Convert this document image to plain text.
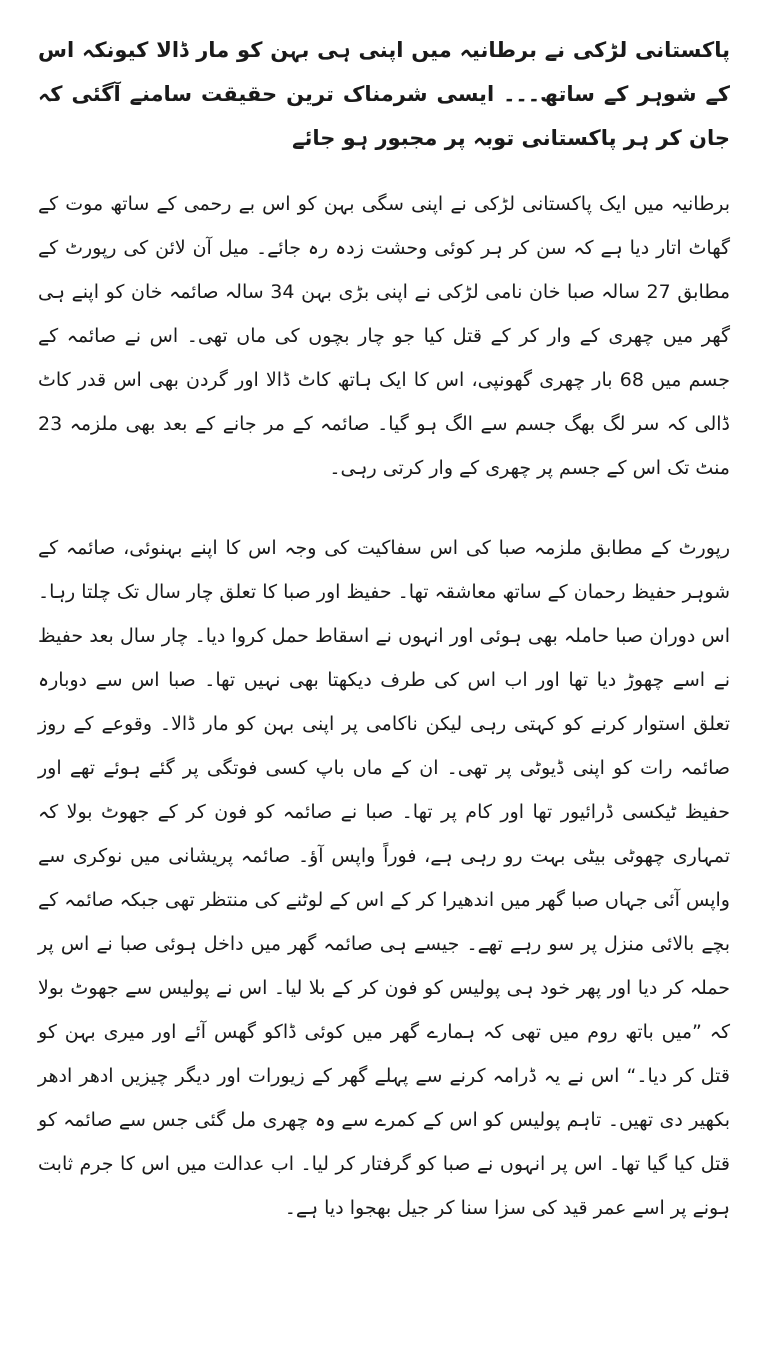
پاکستانی لڑکی نے برطانیہ میں اپنی ہی بہن کو مار ڈالا کیونکہ اس کے شوہر کے ساتھ۔۔۔ ایسی شرمناک ترین حقیقت سامنے آگئی کہ جان کر ہر پاکستانی توبہ پر مجبور ہو جائے
برطانیہ میں ایک پاکستانی لڑکی نے اپنی سگی بہن کو اس بے رحمی کے ساتھ موت کے گھاٹ اتار دیا ہے کہ سن کر ہر کوئی وحشت زدہ رہ جائے۔ میل آن لائن کی رپورٹ کے مطابق 27 سالہ صبا خان نامی لڑکی نے اپنی بڑی بہن 34 سالہ صائمہ خان کو اپنے ہی گھر میں چھری کے وار کر کے قتل کیا جو چار بچوں کی ماں تھی۔ اس نے صائمہ کے جسم میں 68 بار چھری گھونپی، اس کا ایک ہاتھ کاٹ ڈالا اور گردن بھی اس قدر کاٹ ڈالی کہ سر لگ بھگ جسم سے الگ ہو گیا۔ صائمہ کے مر جانے کے بعد بھی ملزمہ 23 منٹ تک اس کے جسم پر چھری کے وار کرتی رہی۔
رپورٹ کے مطابق ملزمہ صبا کی اس سفاکیت کی وجہ اس کا اپنے بہنوئی، صائمہ کے شوہر حفیظ رحمان کے ساتھ معاشقہ تھا۔ حفیظ اور صبا کا تعلق چار سال تک چلتا رہا۔ اس دوران صبا حاملہ بھی ہوئی اور انہوں نے اسقاط حمل کروا دیا۔ چار سال بعد حفیظ نے اسے چھوڑ دیا تھا اور اب اس کی طرف دیکھتا بھی نہیں تھا۔ صبا اس سے دوبارہ تعلق استوار کرنے کو کہتی رہی لیکن ناکامی پر اپنی بہن کو مار ڈالا۔ وقوعے کے روز صائمہ رات کو اپنی ڈیوٹی پر تھی۔ ان کے ماں باپ کسی فوتگی پر گئے ہوئے تھے اور حفیظ ٹیکسی ڈرائیور تھا اور کام پر تھا۔ صبا نے صائمہ کو فون کر کے جھوٹ بولا کہ تمہاری چھوٹی بیٹی بہت رو رہی ہے، فوراً واپس آؤ۔ صائمہ پریشانی میں نوکری سے واپس آئی جہاں صبا گھر میں اندھیرا کر کے اس کے لوٹنے کی منتظر تھی جبکہ صائمہ کے بچے بالائی منزل پر سو رہے تھے۔ جیسے ہی صائمہ گھر میں داخل ہوئی صبا نے اس پر حملہ کر دیا اور پھر خود ہی پولیس کو فون کر کے بلا لیا۔ اس نے پولیس سے جھوٹ بولا کہ ”میں باتھ روم میں تھی کہ ہمارے گھر میں کوئی ڈاکو گھس آئے اور میری بہن کو قتل کر دیا۔“ اس نے یہ ڈرامہ کرنے سے پہلے گھر کے زیورات اور دیگر چیزیں ادھر ادھر بکھیر دی تھیں۔ تاہم پولیس کو اس کے کمرے سے وہ چھری مل گئی جس سے صائمہ کو قتل کیا گیا تھا۔ اس پر انہوں نے صبا کو گرفتار کر لیا۔ اب عدالت میں اس کا جرم ثابت ہونے پر اسے عمر قید کی سزا سنا کر جیل بھجوا دیا ہے۔
